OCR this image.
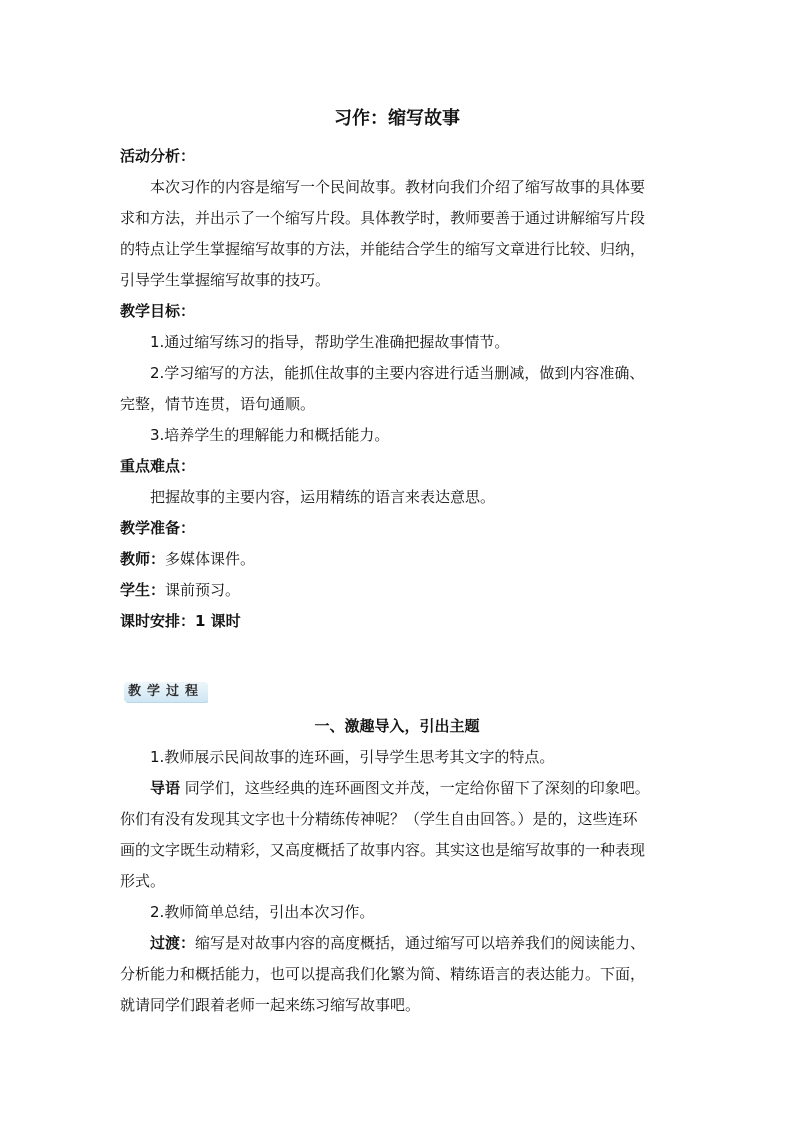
习作：缩写故事
活动分析：
本次习作的内容是缩写一个民间故事。教材向我们介绍了缩写故事的具体要
求和方法，并出示了一个缩写片段。具体教学时，教师要善于通过讲解缩写片段
的特点让学生掌握缩写故事的方法，并能结合学生的缩写文章进行比较、归纳，
引导学生掌握缩写故事的技巧。
教学目标：
1.通过缩写练习的指导，帮助学生准确把握故事情节。
2.学习缩写的方法，能抓住故事的主要内容进行适当删减，做到内容准确、
完整，情节连贯，语句通顺。
3.培养学生的理解能力和概括能力。
重点难点：
把握故事的主要内容，运用精练的语言来表达意思。
教学准备：
教师：多媒体课件。
学生：课前预习。
课时安排：1 课时
教学过程
一、激趣导入，引出主题
1.教师展示民间故事的连环画，引导学生思考其文字的特点。
导语 同学们，这些经典的连环画图文并茂，一定给你留下了深刻的印象吧。
你们有没有发现其文字也十分精练传神呢？（学生自由回答。）是的，这些连环
画的文字既生动精彩，又高度概括了故事内容。其实这也是缩写故事的一种表现
形式。
2.教师简单总结，引出本次习作。
过渡：缩写是对故事内容的高度概括，通过缩写可以培养我们的阅读能力、
分析能力和概括能力，也可以提高我们化繁为简、精练语言的表达能力。下面，
就请同学们跟着老师一起来练习缩写故事吧。
